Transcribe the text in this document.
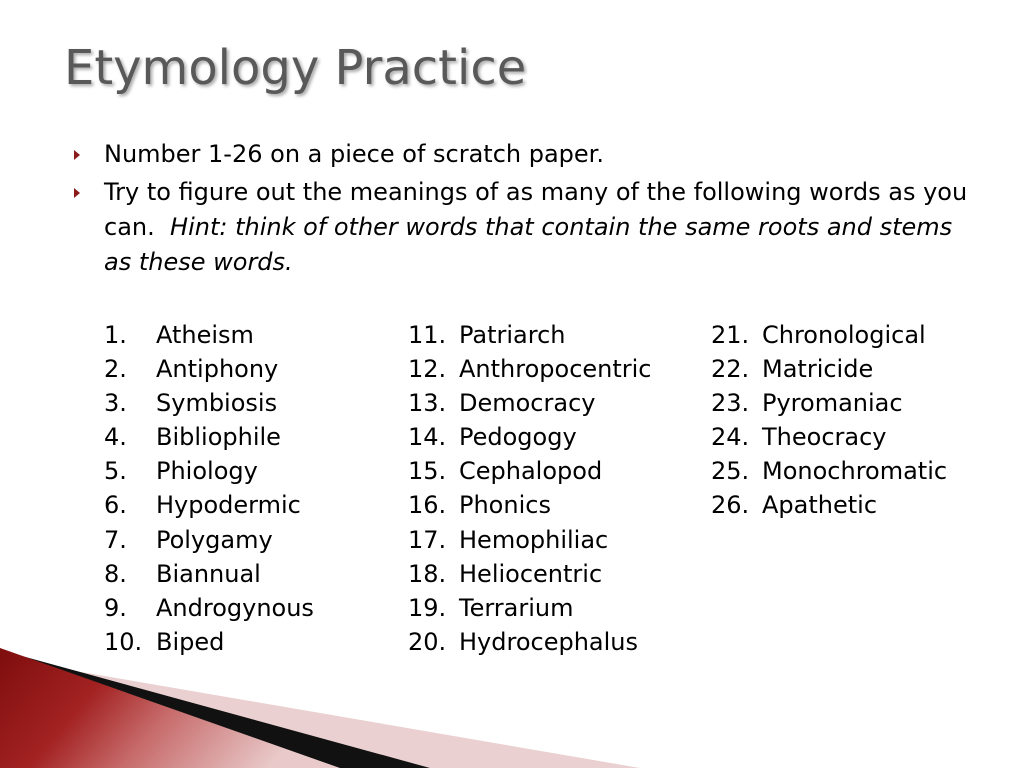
Etymology Practice
Number 1-26 on a piece of scratch paper.
Try to figure out the meanings of as many of the following words as you can. Hint: think of other words that contain the same roots and stems as these words.
1. Atheism
2. Antiphony
3. Symbiosis
4. Bibliophile
5. Phiology
6. Hypodermic
7. Polygamy
8. Biannual
9. Androgynous
10. Biped
11. Patriarch
12. Anthropocentric
13. Democracy
14. Pedogogy
15. Cephalopod
16. Phonics
17. Hemophiliac
18. Heliocentric
19. Terrarium
20. Hydrocephalus
21. Chronological
22. Matricide
23. Pyromaniac
24. Theocracy
25. Monochromatic
26. Apathetic
